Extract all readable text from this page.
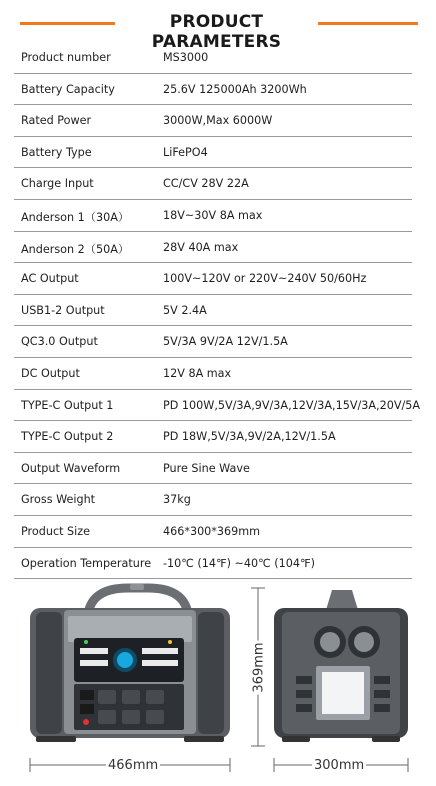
PRODUCT PARAMETERS
Product number	MS3000
Battery Capacity	25.6V 125000Ah 3200Wh
Rated Power	3000W,Max 6000W
Battery Type	LiFePO4
Charge Input	CC/CV 28V 22A
Anderson 1（30A）	18V~30V 8A max
Anderson 2（50A）	28V 40A max
AC Output	100V~120V or 220V~240V 50/60Hz
USB1-2 Output	5V 2.4A
QC3.0 Output	5V/3A 9V/2A 12V/1.5A
DC Output	12V 8A max
TYPE-C Output 1	PD 100W,5V/3A,9V/3A,12V/3A,15V/3A,20V/5A
TYPE-C Output 2	PD 18W,5V/3A,9V/2A,12V/1.5A
Output Waveform	Pure Sine Wave
Gross Weight	37kg
Product Size	466*300*369mm
Operation Temperature -10℃ (14℉) ~40℃ (104℉)
466mm
369mm
300mm
